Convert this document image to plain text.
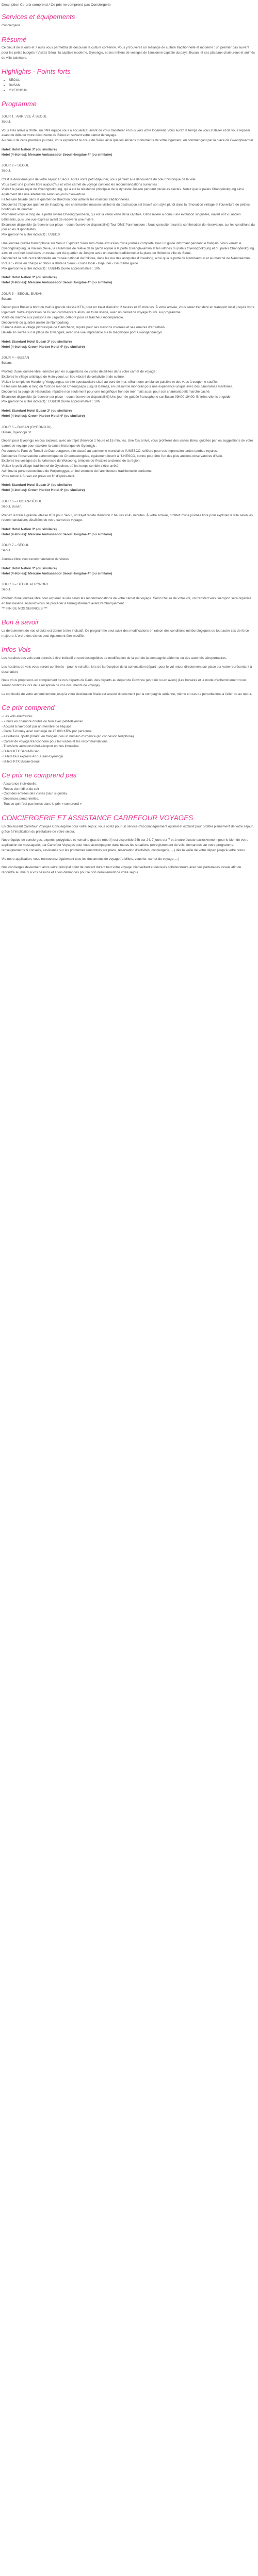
Description Ce prix comprend / Ce prix ne comprend pas Conciergerie
Services et équipements

Conciergerie

Résumé

Ce circuit de 8 jours et 7 nuits vous permettra de découvrir la culture coréenne. Vous y trouverez un mélange de culture traditionnelle et moderne : un premier pas suivant pour les petits budgets ! Visitez Séoul, la capitale moderne, Gyeongju, et ses milliers de vestiges de l'ancienne capitale du pays; Busan, et ses plateaux chaleureux et animés de ville balnéaire.

Highlights - Points forts
• SEOUL
• BUSAN
• GYEONGJU
Programme
JOUR 1 : ARRIVÉE À SEOUL
Seoul.

Vous êtes arrivé à l'hôtel, un offre équipe vous a accueilli(e) avant de vous transférer en bus vers votre logement. Vous aurez le temps de vous installer et de vous reposer avant de débuter votre découverte de Séoul en suivant votre carnet de voyage.

Au coeur de cette première journée, vous explorerez le cœur de Séoul ainsi que les anciens monuments de votre logement, en commençant par la place de Gwanghwamun.

Hotel: Hotel Nation 3* (ou similaire)
Hotel (4 étoiles): Mercure Ambassador Seoul Hongdae 4* (ou similaire)
JOUR 2 – SÉOUL
Seoul.

C'est la deuxième jour de votre séjour à Séoul. Après votre petit déjeuner, vous partirez à la découverte du cœur historique de la ville.

Vous avez une journée libre aujourd'hui et votre carnet de voyage contient les recommandations suivantes :

Visitez le palais royal de Gyeongbokgung, qui a été la résidence principale de la dynastie Joseon pendant plusieurs siècles. Notez que le palais Changdeokgung ainsi également dès une alternative selon les jours d'ouverture.

Faites une balade dans le quartier de Bukchon pour admirer les maisons traditionnelles.

Découvrez l'atypique quartier de Insadong, ses charmantes maisons visitez-la du destruction est trouvé son style plutôt dans la rénovation vintage et l'ouverture de petites boutiques de quartier.

Promenez-vous le long de la petite rivière Cheonggyecheon, qui est la veine verte de la capitale. Cette rivière a connu une évolution singulière, ouvert ont vu ancien bâtiments, puis une vue-express avant de redevenir une rivière.

Excursion disponible (à réserver sur place – sous réserve de disponibilité) Tour DMZ Panmunjeom : Nous consulter avant la confirmation de réservation, sur les conditions du jour et les disponibilités.

Prix (personne à titre indicatif) : US$110

Une journée guidée francophone sur Séoul: Explorez Séoul lors d'une excursion d'une journée complète avec un guide informant pendant le français. Vous verrez le Gyeongbokgung, la maison bleue, la cérémonie de relève de la garde royale à la porte Gwanghwamun et les vitrines du palais Gyeongbokgung et du palais Changdeokgung ainsi et un dîner local dans un restaurant du quartier de Jongno avec un marché traditionnel et la place de l'hôtel de ville de Seoul.

Découvrez la culture traditionnelle au musée national du folklore, dans les rue des antiquités d'Insadong, ainsi qu'à la porte de Namdaemun et au marché de Namdaemun. Inclus : - Prise en charge et retour à l'hôtel à Séoul - Guide local - Déjeuner - Deuxième guide

Prix (personne à titre indicatif) : US$145 Durée approximative : 10h

Hotel: Hotel Nation 3* (ou similaire)
Hotel (4 étoiles): Mercure Ambassador Seoul Hongdae 4* (ou similaire)
JOUR 3 – SÉOUL, BUSAN
Busan.

Départ pour Busan à bord du train à grande vitesse KTX, pour un trajet d'environ 2 heures et 45 minutes. À votre arrivée, vous serez transféré en transport local jusqu'à votre logement. Votre exploration de Busan commencera alors, en toute liberté, avec un carnet de voyage fourni. Au programme :

Visite du marché aux poissons de Jagalchi, célèbre pour sa fraîcheur incomparable.

Découverte du quartier animé de Nampodong.

Flânerie dans le village pittoresque de Gamcheon, réputé pour ses maisons colorées et ses œuvres d'art urbain.

Balade en soirée sur la plage de Gwangalli, avec une vue imprenable sur le magnifique pont Gwangandaegyo.

Hotel: Standard Hotel Busan 3* (ou similaire)
Hotel (4 étoiles): Crown Harbor Hotel 4* (ou similaire)
JOUR 4 – BUSAN
Busan.

Profitez d'une journée libre, enrichie par les suggestions de visites détaillées dans votre carnet de voyage :

Explorez le village artistique de Huin-yeoul, un lieu vibrant de créativité et de culture.

Visitez le temple de Haedong Yonggungsa, un site spectaculaire situé au bord de mer, offrant une ambiance paisible et des vues à couper le souffle.

Faites une balade le long du front de mer de Cheongsapo jusqu'à Dalmaji, en utilisant le monorail pour une expérience unique avec des panoramas maritimes.

Découvrez la plage de Haeundae, réputée non seulement pour une magnifique front de mer mais aussi pour son charmant petit marché caché.

Excursion disponible (à réserver sur place – sous réserve de disponibilité) Une journée guidée francophone sur Busan 09h00-19h00: Entrées clients et guide

Prix (personne à titre indicatif) : US$120 Durée approximative : 10h

Hotel: Standard Hotel Busan 3* (ou similaire)
Hotel (4 étoiles): Crown Harbor Hotel 4* (ou similaire)
JOUR 5 – BUSAN (GYEONGJU)
Busan, Gyeongju St.

Départ pour Gyeongju en bus express, avec un trajet d'environ 1 heure et 15 minutes. Une fois arrivé, vous profiterez des visites libres, guidées par les suggestions de votre carnet de voyage pour explorer la cause historique de Gyeongju :

Parcourez le Parc de Tumuli de Daereungwon, site classé au patrimoine mondial de l'UNESCO, célèbre pour ses impressionnantes tombes royales.

Découvrez l'observatoire astronomique de Cheomseongdae, également inscrit à l'UNESCO, connu pour être l'un des plus anciens observatoires d'Asie.

Explorez les vestiges de la forteresse de Wolseong, témoins de l'histoire ancienne de la région.

Visitez le petit village traditionnel de Gyochon, où les temps semble s'être arrêté.

Admirez la porte reconstituée de Woljeonggyo, un bel exemple de l'architecture traditionnelle coréenne.

Votre retour à Busan est prévu en fin d'après-midi.

Hotel: Standard Hotel Busan 3* (ou similaire)
Hotel (4 étoiles): Crown Harbor Hotel 4* (ou similaire)
JOUR 6 – BUSAN-SÉOUL
Seoul, Busan.

Prenez le train à grande vitesse KTX pour Seoul, un trajet rapide d'environ 2 heures et 45 minutes. À votre arrivée, profitez d'une journée libre pour explorer la ville selon les recommandations détaillées de votre carnet de voyage.

Hotel: Hotel Nation 3* (ou similaire)
Hotel (4 étoiles): Mercure Ambassador Seoul Hongdae 4* (ou similaire)
JOUR 7 – SÉOUL
Seoul.

Journée libre avec recommandation de visites

Hotel: Hotel Nation 3* (ou similaire)
Hotel (4 étoiles): Mercure Ambassador Seoul Hongdae 4* (ou similaire)
JOUR 8 – SÉOUL AEROPORT
Seoul.

Profitez d'une journée libre pour explorer la ville selon les recommandations de votre carnet de voyage. Selon l'heure de votre vol, un transfert vers l'aéroport sera organisé en bus navette. Assurez-vous de procéder à l'enregistrement avant l'embarquement.

*** FIN DE NOS SERVICES ***

Bon à savoir

La déroulement de nos circuits est donné à titre indicatif. Ce programme peut subir des modifications en raison des conditions météorologiques ou tout autre cas de force majeure. L'ordre des visites peut également être modifié.

Infos Vols

Les horaires des vols sont donnés à titre indicatif et sont susceptibles de modification de la part de la compagnie aérienne ou des autorités aéroportuaires.

Les horaires de vols vous seront confirmés - pour le vol aller, lors de la réception de la convocation départ ; pour le vol retour directement sur place par votre représentant à destination.

Nous vous proposons en complément de nos départs de Paris, des départs au départ de Province (en train ou en avion) (Les horaires et la mode d'acheminement vous seront confirmés lors de la réception de vos documents de voyage).

La continuité de votre acheminement jusqu'à votre destination finale est assuré directement par la compagnie aérienne, même en cas de perturbations à l'aller ou au retour.

Ce prix comprend

- Les vols aller/retour

- 7 nuits en chambre double ou twin avec petit-déjeuner

- Accueil à l'aéroport par un membre de l'équipe

- Carte T-money avec recharge de 15 000 KRW par personne

- Assistance 7j/24h (I/0400 en français) via un numéro d'urgence (en connexion téléphone)

- Carnet de voyage francophone pour les visites et les recommandations

- Transferts aéroport-hôtel-aéroport en bus limousine

- Billets KTX Séoul-Busan

- Billets Bus express A/R Busan-Gyeongju

- Billets KTX Busan-Seoul

Ce prix ne comprend pas

- Assurance individuelle.

- Repas du midi et du soir

- Coût des entrées des visites (sauf si guide).

- Dépenses personnelles.

- Tout ce qui n'est pas inclus dans le prix « comprend »

CONCIERGERIE ET ASSISTANCE CARREFOUR VOYAGES

En choisissant Carrefour Voyages Conciergerie pour votre séjour, vous optez pour un service d'accompagnement optimal et exclusif pour profiter pleinement de votre séjour, grâce à l'implication du prestataire de votre séjour.

Notre équipe de concierges, experts, polyglottes et humains (pas de robot !) est disponible 24h sur 24, 7 jours sur 7 et à votre écoute exclusivement pour le bien de votre application de messagerie, par Carrefour Voyages pour vous accompagner dans toutes les situations (enregistrement de vols, demandes sur votre programme, renseignements & conseils, assistance sur les problèmes rencontrés sur place, réservation d'activités, conciergerie, ...) dès la veille de votre départ jusqu'à votre retour.

Via notre application, vous retrouverez également tous les documents de voyage (e-billets, voucher, carnet de voyage, ...)

Nos concierges deviennent alors votre principal point de contact durant tout votre voyage, bienveillant et dévoués collaborateurs avec vos partenaires locaux afin de répondre au mieux à vos besoins et à vos demandes pour le bon déroulement de votre séjour.
